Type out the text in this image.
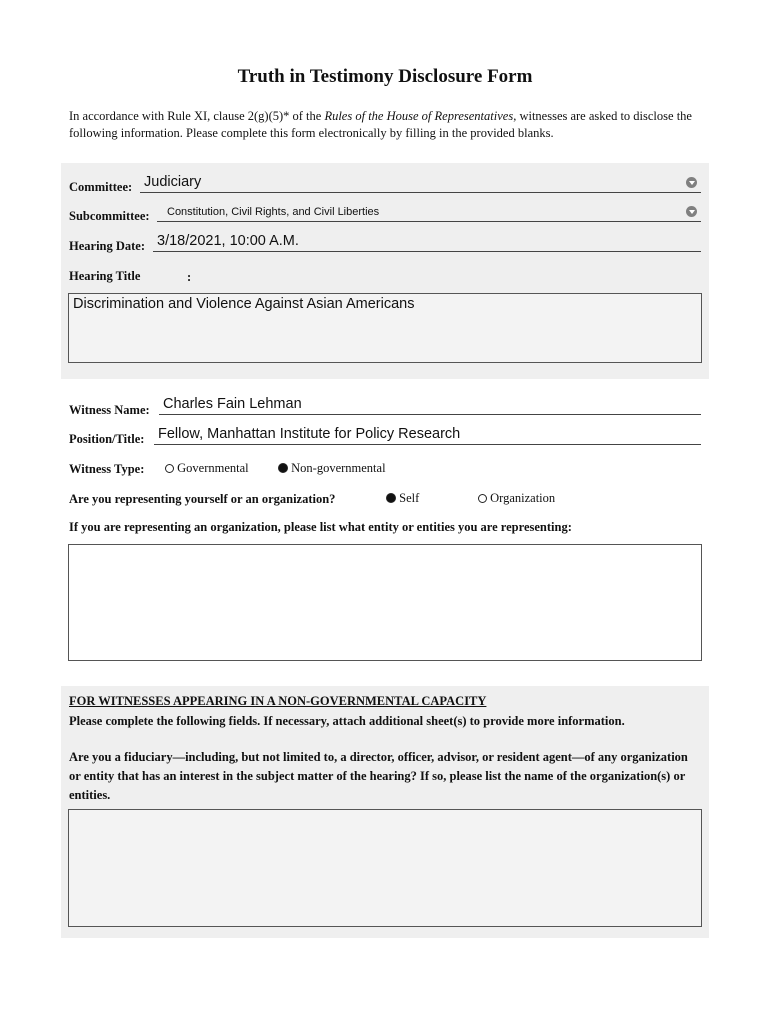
Truth in Testimony Disclosure Form
In accordance with Rule XI, clause 2(g)(5)* of the Rules of the House of Representatives, witnesses are asked to disclose the following information. Please complete this form electronically by filling in the provided blanks.
Committee: Judiciary
Subcommittee: Constitution, Civil Rights, and Civil Liberties
Hearing Date: 3/18/2021, 10:00 A.M.
Hearing Title	:
Discrimination and Violence Against Asian Americans
Witness Name: Charles Fain Lehman
Position/Title: Fellow, Manhattan Institute for Policy Research
Witness Type:	Governmental	Non-governmental
Are you representing yourself or an organization?	Self	Organization
If you are representing an organization, please list what entity or entities you are representing:
FOR WITNESSES APPEARING IN A NON-GOVERNMENTAL CAPACITY
Please complete the following fields. If necessary, attach additional sheet(s) to provide more information.
Are you a fiduciary—including, but not limited to, a director, officer, advisor, or resident agent—of any organization or entity that has an interest in the subject matter of the hearing? If so, please list the name of the organization(s) or entities.
